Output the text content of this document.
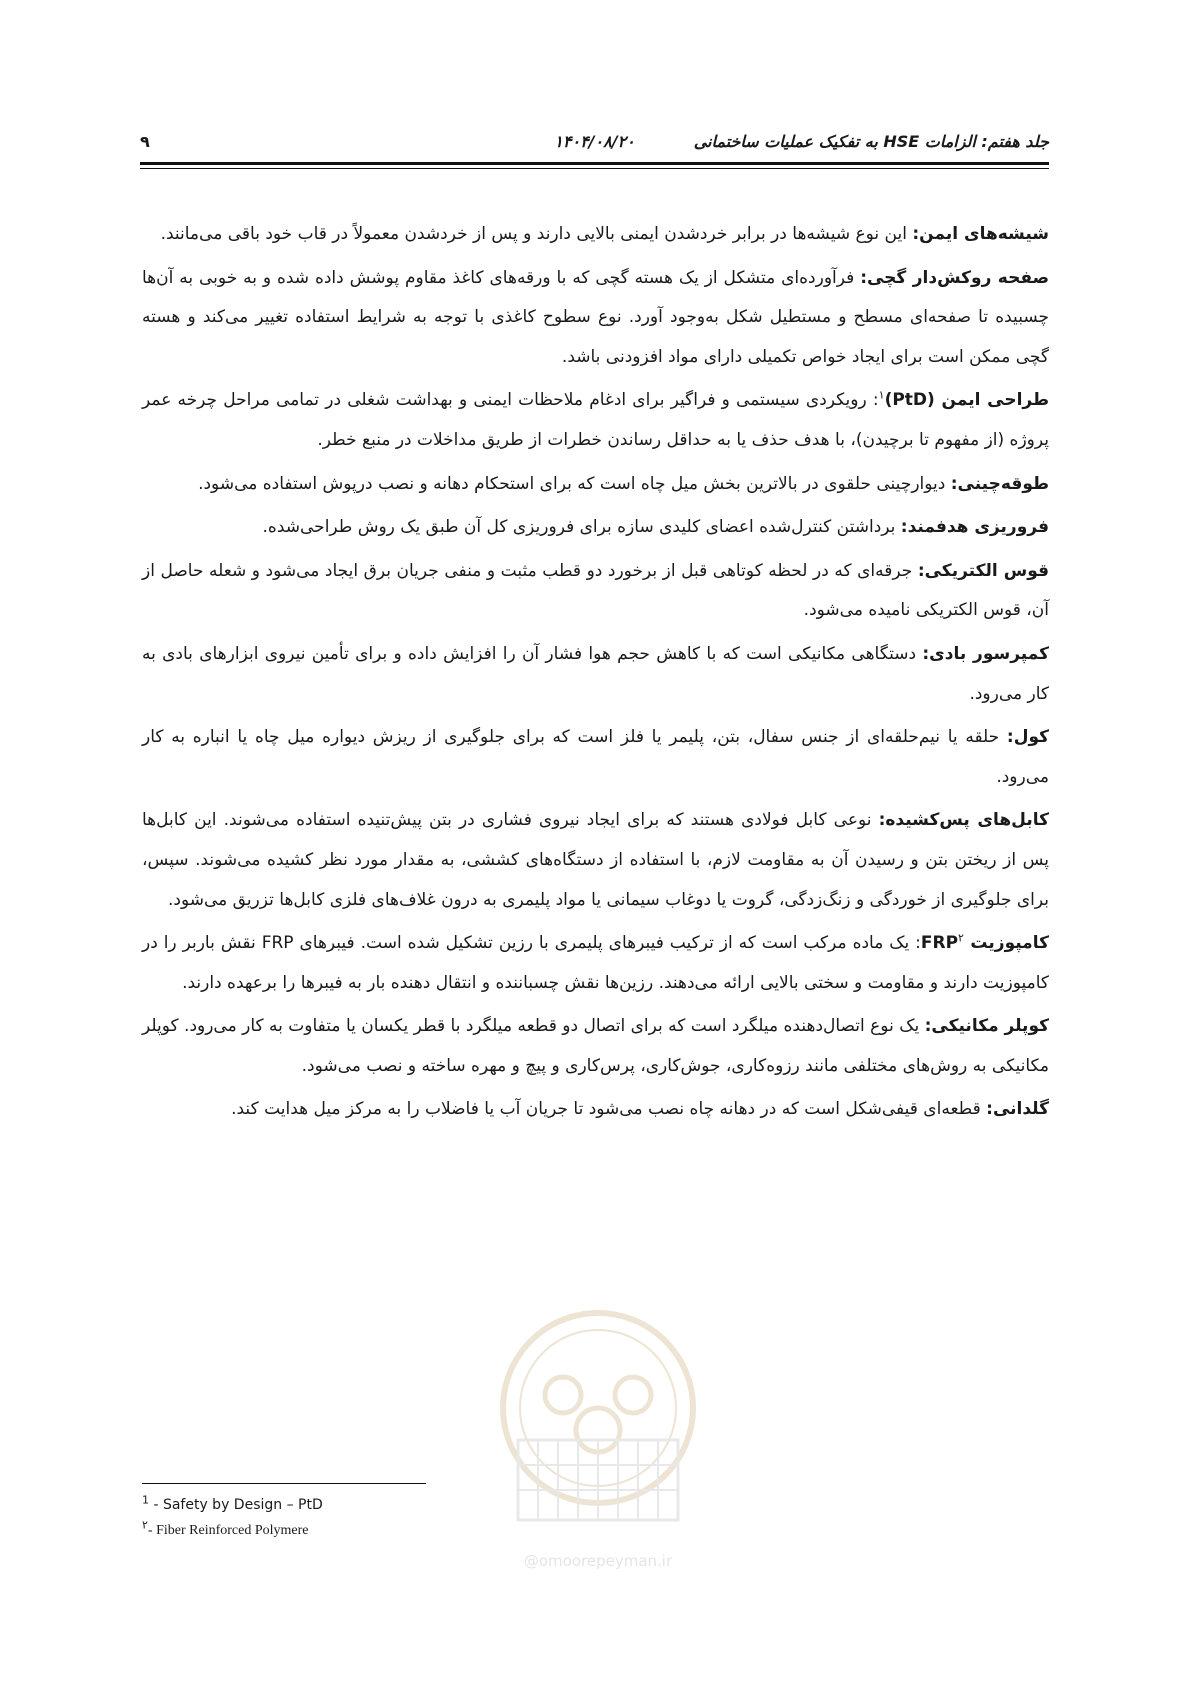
جلد هفتم: الزامات HSE به تفکیک عملیات ساختمانی
۱۴۰۴/۰۸/۲۰
۹
@omoorepeyman.ir

شیشه‌های ایمن: این نوع شیشه‌ها در برابر خردشدن ایمنی بالایی دارند و پس از خردشدن معمولاً در قاب خود باقی می‌مانند.

صفحه روکش‌دار گچی: فرآورده‌ای متشکل از یک هسته گچی که با ورقه‌های کاغذ مقاوم پوشش داده شده و به خوبی به آن‌ها چسبیده تا صفحه‌ای مسطح و مستطیل شکل به‌وجود آورد. نوع سطوح کاغذی با توجه به شرایط استفاده تغییر می‌کند و هسته گچی ممکن است برای ایجاد خواص تکمیلی دارای مواد افزودنی باشد.

طراحی ایمن (PtD)$^۱$: رویکردی سیستمی و فراگیر برای ادغام ملاحظات ایمنی و بهداشت شغلی در تمامی مراحل چرخه عمر پروژه (از مفهوم تا برچیدن)، با هدف حذف یا به حداقل رساندن خطرات از طریق مداخلات در منبع خطر.

طوقه‌چینی: دیوارچینی حلقوی در بالاترین بخش میل چاه است که برای استحکام دهانه و نصب درپوش استفاده می‌شود.

فروریزی هدفمند: برداشتن کنترل‌شده اعضای کلیدی سازه برای فروریزی کل آن طبق یک روش طراحی‌شده.

قوس الکتریکی: جرقه‌ای که در لحظه کوتاهی قبل از برخورد دو قطب مثبت و منفی جریان برق ایجاد می‌شود و شعله حاصل از آن، قوس الکتریکی نامیده می‌شود.

کمپرسور بادی: دستگاهی مکانیکی است که با کاهش حجم هوا فشار آن را افزایش داده و برای تأمین نیروی ابزارهای بادی به کار می‌رود.

کول: حلقه یا نیم‌حلقه‌ای از جنس سفال، بتن، پلیمر یا فلز است که برای جلوگیری از ریزش دیواره میل چاه یا انباره به کار می‌رود.

کابل‌های پس‌کشیده: نوعی کابل فولادی هستند که برای ایجاد نیروی فشاری در بتن پیش‌تنیده استفاده می‌شوند. این کابل‌ها پس از ریختن بتن و رسیدن آن به مقاومت لازم، با استفاده از دستگاه‌های کششی، به مقدار مورد نظر کشیده می‌شوند. سپس، برای جلوگیری از خوردگی و زنگ‌زدگی، گروت یا دوغاب سیمانی یا مواد پلیمری به درون غلاف‌های فلزی کابل‌ها تزریق می‌شود.

کامپوزیت FRP$^۲$: یک ماده مرکب است که از ترکیب فیبرهای پلیمری با رزین تشکیل شده است. فیبرهای FRP نقش باربر را در کامپوزیت دارند و مقاومت و سختی بالایی ارائه می‌دهند. رزین‌ها نقش چسباننده و انتقال دهنده بار به فیبرها را برعهده دارند.

کوپلر مکانیکی: یک نوع اتصال‌دهنده میلگرد است که برای اتصال دو قطعه میلگرد با قطر یکسان یا متفاوت به کار می‌رود. کوپلر مکانیکی به روش‌های مختلفی مانند رزوه‌کاری، جوش‌کاری، پرس‌کاری و پیچ و مهره ساخته و نصب می‌شود.

گلدانی: قطعه‌ای قیفی‌شکل است که در دهانه چاه نصب می‌شود تا جریان آب یا فاضلاب را به مرکز میل هدایت کند.

$^1$ - Safety by Design – PtD
$^۲$- Fiber Reinforced Polymere
